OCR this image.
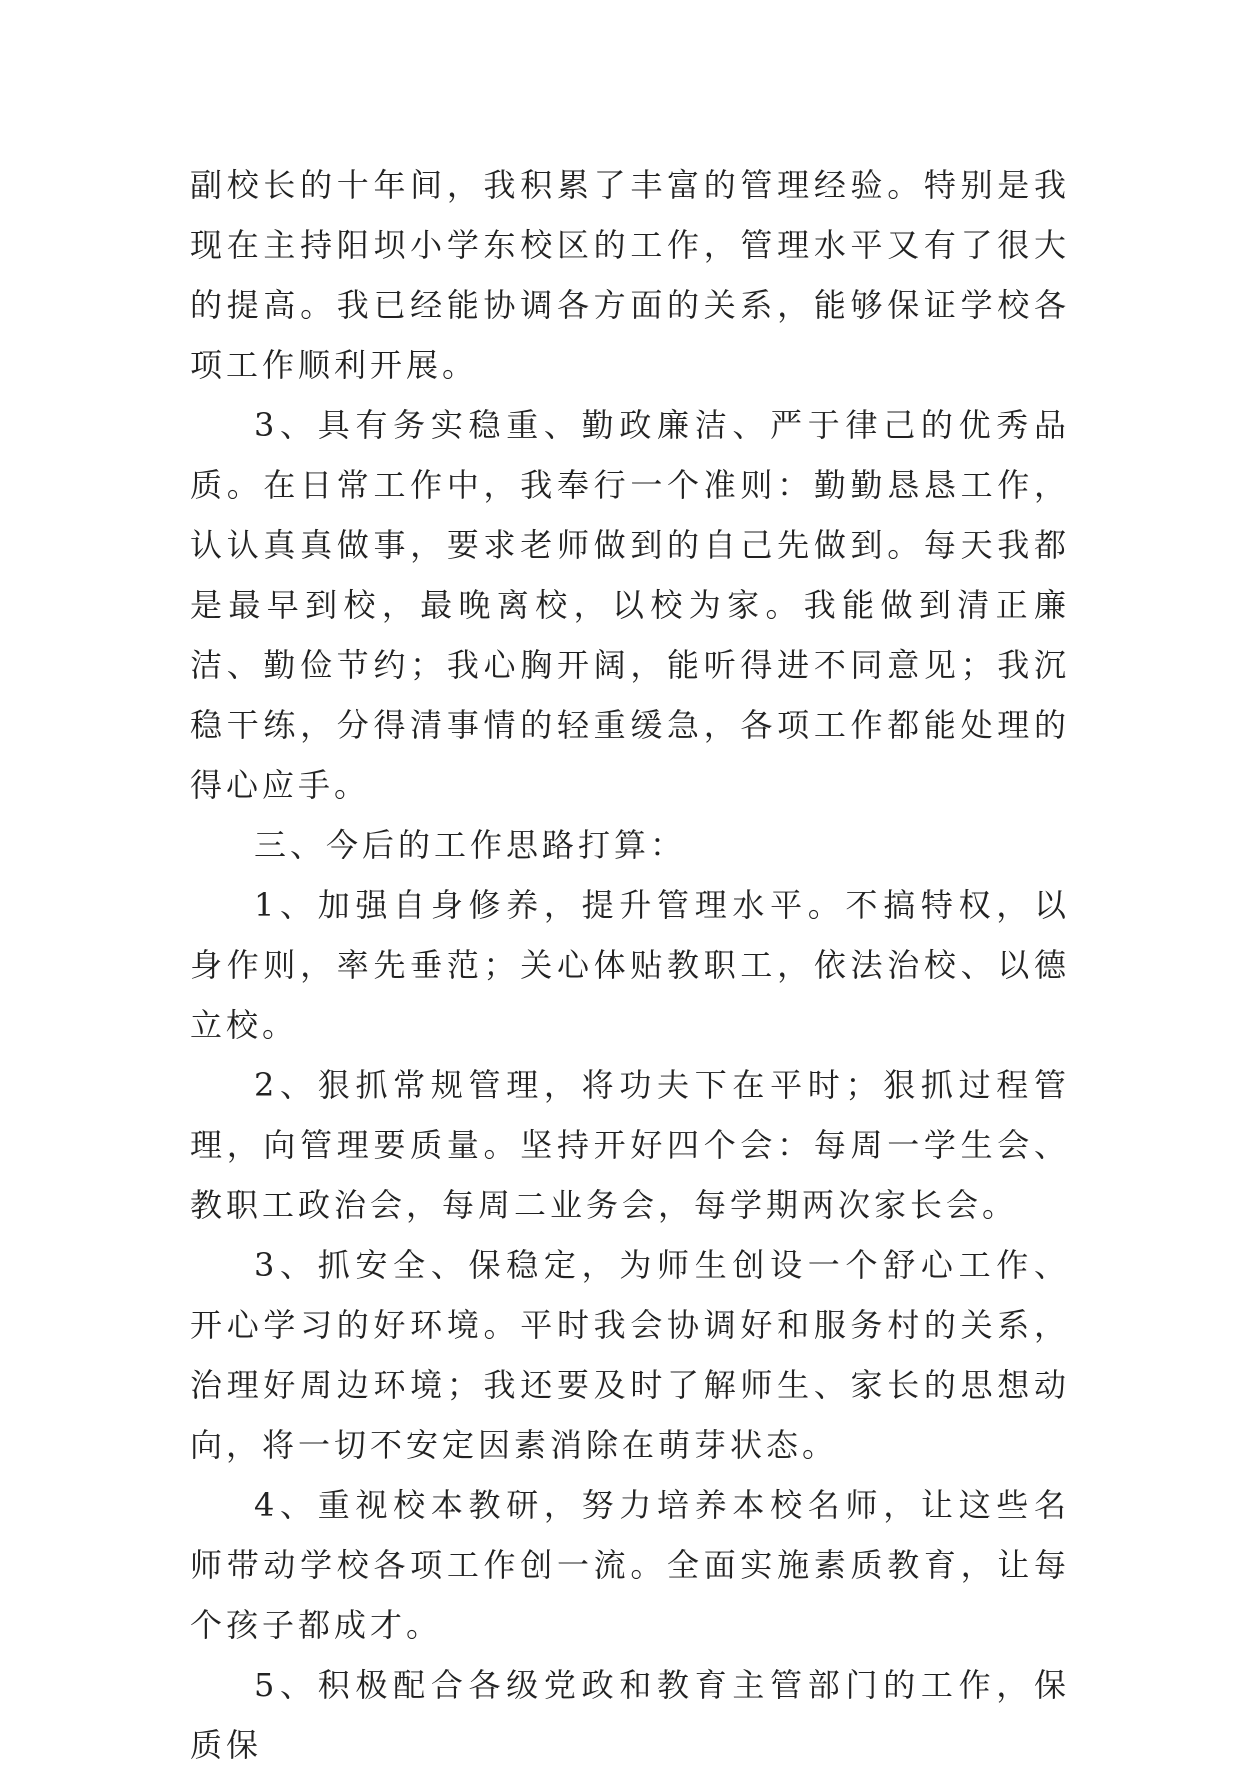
副校长的十年间，我积累了丰富的管理经验。特别是我现在主持阳坝小学东校区的工作，管理水平又有了很大的提高。我已经能协调各方面的关系，能够保证学校各项工作顺利开展。

3、具有务实稳重、勤政廉洁、严于律己的优秀品质。在日常工作中，我奉行一个准则：勤勤恳恳工作，认认真真做事，要求老师做到的自己先做到。每天我都是最早到校，最晚离校，以校为家。我能做到清正廉洁、勤俭节约；我心胸开阔，能听得进不同意见；我沉稳干练，分得清事情的轻重缓急，各项工作都能处理的得心应手。

三、今后的工作思路打算：

1、加强自身修养，提升管理水平。不搞特权，以身作则，率先垂范；关心体贴教职工，依法治校、以德立校。

2、狠抓常规管理，将功夫下在平时；狠抓过程管理，向管理要质量。坚持开好四个会：每周一学生会、教职工政治会，每周二业务会，每学期两次家长会。

3、抓安全、保稳定，为师生创设一个舒心工作、开心学习的好环境。平时我会协调好和服务村的关系，治理好周边环境；我还要及时了解师生、家长的思想动向，将一切不安定因素消除在萌芽状态。

4、重视校本教研，努力培养本校名师，让这些名师带动学校各项工作创一流。全面实施素质教育，让每个孩子都成才。

5、积极配合各级党政和教育主管部门的工作，保质保
